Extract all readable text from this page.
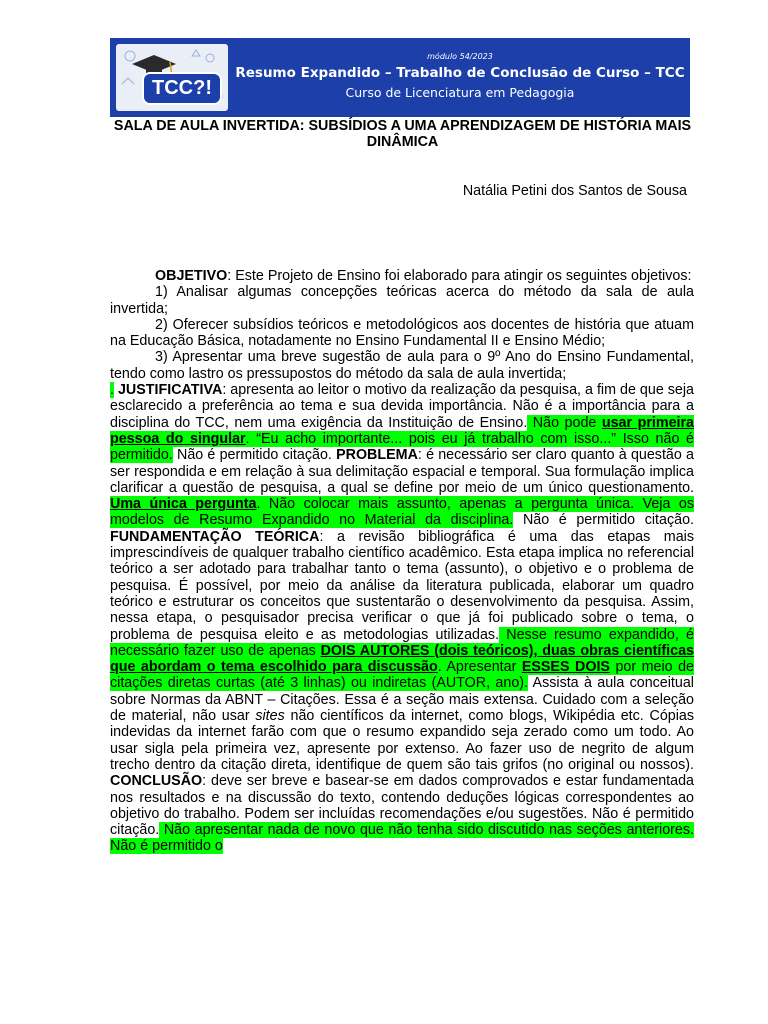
TCC?!
módulo 54/2023
Resumo Expandido – Trabalho de Conclusão de Curso – TCC
Curso de Licenciatura em Pedagogia
SALA DE AULA INVERTIDA: SUBSÍDIOS A UMA APRENDIZAGEM DE HISTÓRIA MAIS DINÂMICA
Natália Petini dos Santos de Sousa

OBJETIVO: Este Projeto de Ensino foi elaborado para atingir os seguintes objetivos:

1) Analisar algumas concepções teóricas acerca do método da sala de aula invertida;

2) Oferecer subsídios teóricos e metodológicos aos docentes de história que atuam na Educação Básica, notadamente no Ensino Fundamental II e Ensino Médio;

3) Apresentar uma breve sugestão de aula para o 9º Ano do Ensino Fundamental, tendo como lastro os pressupostos do método da sala de aula invertida;

. JUSTIFICATIVA: apresenta ao leitor o motivo da realização da pesquisa, a fim de que seja esclarecido a preferência ao tema e sua devida importância. Não é a importância para a disciplina do TCC, nem uma exigência da Instituição de Ensino. Não pode usar primeira pessoa do singular. “Eu acho importante... pois eu já trabalho com isso...” Isso não é permitido. Não é permitido citação. PROBLEMA: é necessário ser claro quanto à questão a ser respondida e em relação à sua delimitação espacial e temporal. Sua formulação implica clarificar a questão de pesquisa, a qual se define por meio de um único questionamento. Uma única pergunta. Não colocar mais assunto, apenas a pergunta única. Veja os modelos de Resumo Expandido no Material da disciplina. Não é permitido citação. FUNDAMENTAÇÃO TEÓRICA: a revisão bibliográfica é uma das etapas mais imprescindíveis de qualquer trabalho científico acadêmico. Esta etapa implica no referencial teórico a ser adotado para trabalhar tanto o tema (assunto), o objetivo e o problema de pesquisa. É possível, por meio da análise da literatura publicada, elaborar um quadro teórico e estruturar os conceitos que sustentarão o desenvolvimento da pesquisa. Assim, nessa etapa, o pesquisador precisa verificar o que já foi publicado sobre o tema, o problema de pesquisa eleito e as metodologias utilizadas. Nesse resumo expandido, é necessário fazer uso de apenas DOIS AUTORES (dois teóricos), duas obras científicas que abordam o tema escolhido para discussão. Apresentar ESSES DOIS por meio de citações diretas curtas (até 3 linhas) ou indiretas (AUTOR, ano). Assista à aula conceitual sobre Normas da ABNT – Citações. Essa é a seção mais extensa. Cuidado com a seleção de material, não usar sites não científicos da internet, como blogs, Wikipédia etc. Cópias indevidas da internet farão com que o resumo expandido seja zerado como um todo. Ao usar sigla pela primeira vez, apresente por extenso. Ao fazer uso de negrito de algum trecho dentro da citação direta, identifique de quem são tais grifos (no original ou nossos). CONCLUSÃO: deve ser breve e basear-se em dados comprovados e estar fundamentada nos resultados e na discussão do texto, contendo deduções lógicas correspondentes ao objetivo do trabalho. Podem ser incluídas recomendações e/ou sugestões. Não é permitido citação. Não apresentar nada de novo que não tenha sido discutido nas seções anteriores. Não é permitido o
